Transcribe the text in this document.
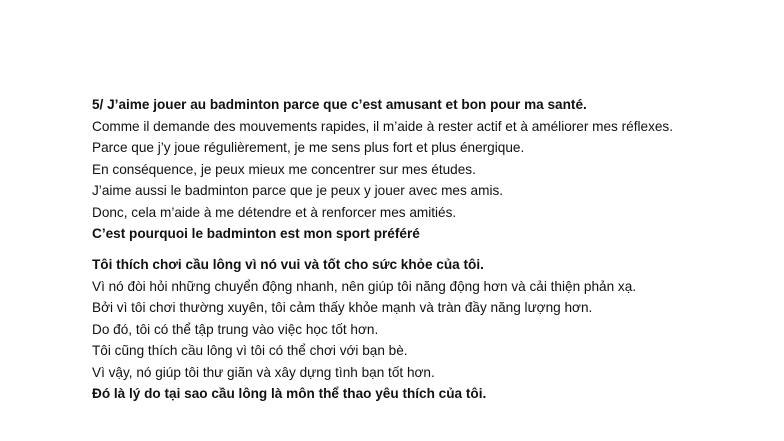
5/ J’aime jouer au badminton parce que c’est amusant et bon pour ma santé.

Comme il demande des mouvements rapides, il m’aide à rester actif et à améliorer mes réflexes.

Parce que j’y joue régulièrement, je me sens plus fort et plus énergique.

En conséquence, je peux mieux me concentrer sur mes études.

J’aime aussi le badminton parce que je peux y jouer avec mes amis.

Donc, cela m’aide à me détendre et à renforcer mes amitiés.

C’est pourquoi le badminton est mon sport préféré

Tôi thích chơi cầu lông vì nó vui và tốt cho sức khỏe của tôi.

Vì nó đòi hỏi những chuyển động nhanh, nên giúp tôi năng động hơn và cải thiện phản xạ.

Bởi vì tôi chơi thường xuyên, tôi cảm thấy khỏe mạnh và tràn đầy năng lượng hơn.

Do đó, tôi có thể tập trung vào việc học tốt hơn.

Tôi cũng thích cầu lông vì tôi có thể chơi với bạn bè.

Vì vậy, nó giúp tôi thư giãn và xây dựng tình bạn tốt hơn.

Đó là lý do tại sao cầu lông là môn thể thao yêu thích của tôi.
